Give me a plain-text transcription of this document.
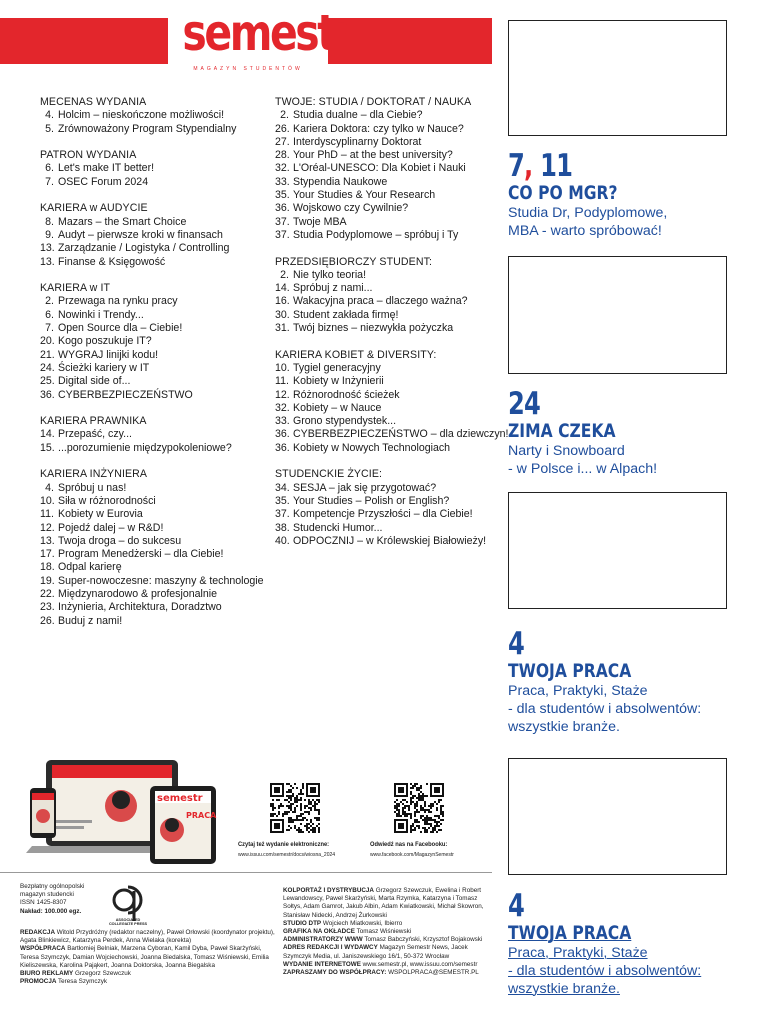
semestr
MAGAZYN STUDENTÓW
MECENAS WYDANIA
4. Holcim – nieskończone możliwości!
5. Zrównoważony Program Stypendialny
PATRON WYDANIA
6. Let's make IT better!
7. OSEC Forum 2024
KARIERA w AUDYCIE
8. Mazars – the Smart Choice
9. Audyt – pierwsze kroki w finansach
13. Zarządzanie / Logistyka / Controlling
13. Finanse & Księgowość
KARIERA w IT
2. Przewaga na rynku pracy
6. Nowinki i Trendy...
7. Open Source dla – Ciebie!
20. Kogo poszukuje IT?
21. WYGRAJ linijki kodu!
24. Ścieżki kariery w IT
25. Digital side of...
36. CYBERBEZPIECZEŃSTWO
KARIERA PRAWNIKA
14. Przepaść, czy...
15. ...porozumienie międzypokoleniowe?
KARIERA INŻYNIERA
4. Spróbuj u nas!
10. Siła w różnorodności
11. Kobiety w Eurovia
12. Pojedź dalej – w R&D!
13. Twoja droga – do sukcesu
17. Program Menedżerski – dla Ciebie!
18. Odpal karierę
19. Super-nowoczesne: maszyny & technologie
22. Międzynarodowo & profesjonalnie
23. Inżynieria, Architektura, Doradztwo
26. Buduj z nami!
TWOJE: STUDIA / DOKTORAT / NAUKA
2. Studia dualne – dla Ciebie?
26. Kariera Doktora: czy tylko w Nauce?
27. Interdyscyplinarny Doktorat
28. Your PhD – at the best university?
32. L'Oréal-UNESCO: Dla Kobiet i Nauki
33. Stypendia Naukowe
35. Your Studies & Your Research
36. Wojskowo czy Cywilnie?
37. Twoje MBA
37. Studia Podyplomowe – spróbuj i Ty
PRZEDSIĘBIORCZY STUDENT:
2. Nie tylko teoria!
14. Spróbuj z nami...
16. Wakacyjna praca – dlaczego ważna?
30. Student zakłada firmę!
31. Twój biznes – niezwykła pożyczka
KARIERA KOBIET & DIVERSITY:
10. Tygiel generacyjny
11. Kobiety w Inżynierii
12. Różnorodność ścieżek
32. Kobiety – w Nauce
33. Grono stypendystek...
36. CYBERBEZPIECZEŃSTWO – dla dziewczyn!
36. Kobiety w Nowych Technologiach
STUDENCKIE ŻYCIE:
34. SESJA – jak się przygotować?
35. Your Studies – Polish or English?
37. Kompetencje Przyszłości – dla Ciebie!
38. Studencki Humor...
40. ODPOCZNIJ – w Królewskiej Białowieży!
7, 11
CO PO MGR?
Studia Dr, Podyplomowe,
MBA - warto spróbować!
24
ZIMA CZEKA
Narty i Snowboard
- w Polsce i... w Alpach!
4
TWOJA PRACA
Praca, Praktyki, Staże
- dla studentów i absolwentów:
wszystkie branże.
4
TWOJA PRACA
Praca, Praktyki, Staże
- dla studentów i absolwentów:
wszystkie branże.
semestr
semestr
PRACA
Czytaj też wydanie elektroniczne:
www.issuu.com/semestr/docs/wiosna_2024
Odwiedź nas na Facebooku:
www.facebook.com/MagazynSemestr
Bezpłatny ogólnopolski
magazyn studencki
ISSN 1425-8307
Nakład: 100.000 egz.
ASSOCIATED COLLEGIATE PRESS
REDAKCJA Witold Przydróżny (redaktor naczelny), Paweł Orłowski (koordynator projektu), Agata Blinkiewicz, Katarzyna Perdek, Anna Wielaka (korekta)
WSPÓŁPRACA Bartłomiej Belniak, Marzena Cyboran, Kamil Dyba, Paweł Skarżyński, Teresa Szymczyk, Damian Wojciechowski, Joanna Biedalska, Tomasz Wiśniewski, Emilia Kieliszewska, Karolina Pająkert, Joanna Doktorska, Joanna Biegalska
BIURO REKLAMY Grzegorz Szewczuk
PROMOCJA Teresa Szymczyk
KOLPORTAŻ I DYSTRYBUCJA Grzegorz Szewczuk, Ewelina i Robert Lewandowscy, Paweł Skarżyński, Marta Rzymka, Katarzyna i Tomasz Sołtys, Adam Gamrot, Jakub Albin, Adam Kwiatkowski, Michał Skowron, Stanisław Nidecki, Andrzej Żurkowski
STUDIO DTP Wojciech Miatkowski, Ibierro
GRAFIKA NA OKŁADCE Tomasz Wiśniewski
ADMINISTRATORZY WWW Tomasz Babczyński, Krzysztof Bojakowski
ADRES REDAKCJI I WYDAWCY Magazyn Semestr News, Jacek Szymczyk Media, ul. Janiszewskiego 16/1, 50-372 Wrocław
WYDANIE INTERNETOWE www.semestr.pl, www.issuu.com/semestr
ZAPRASZAMY DO WSPÓŁPRACY: WSPOLPRACA@SEMESTR.PL
